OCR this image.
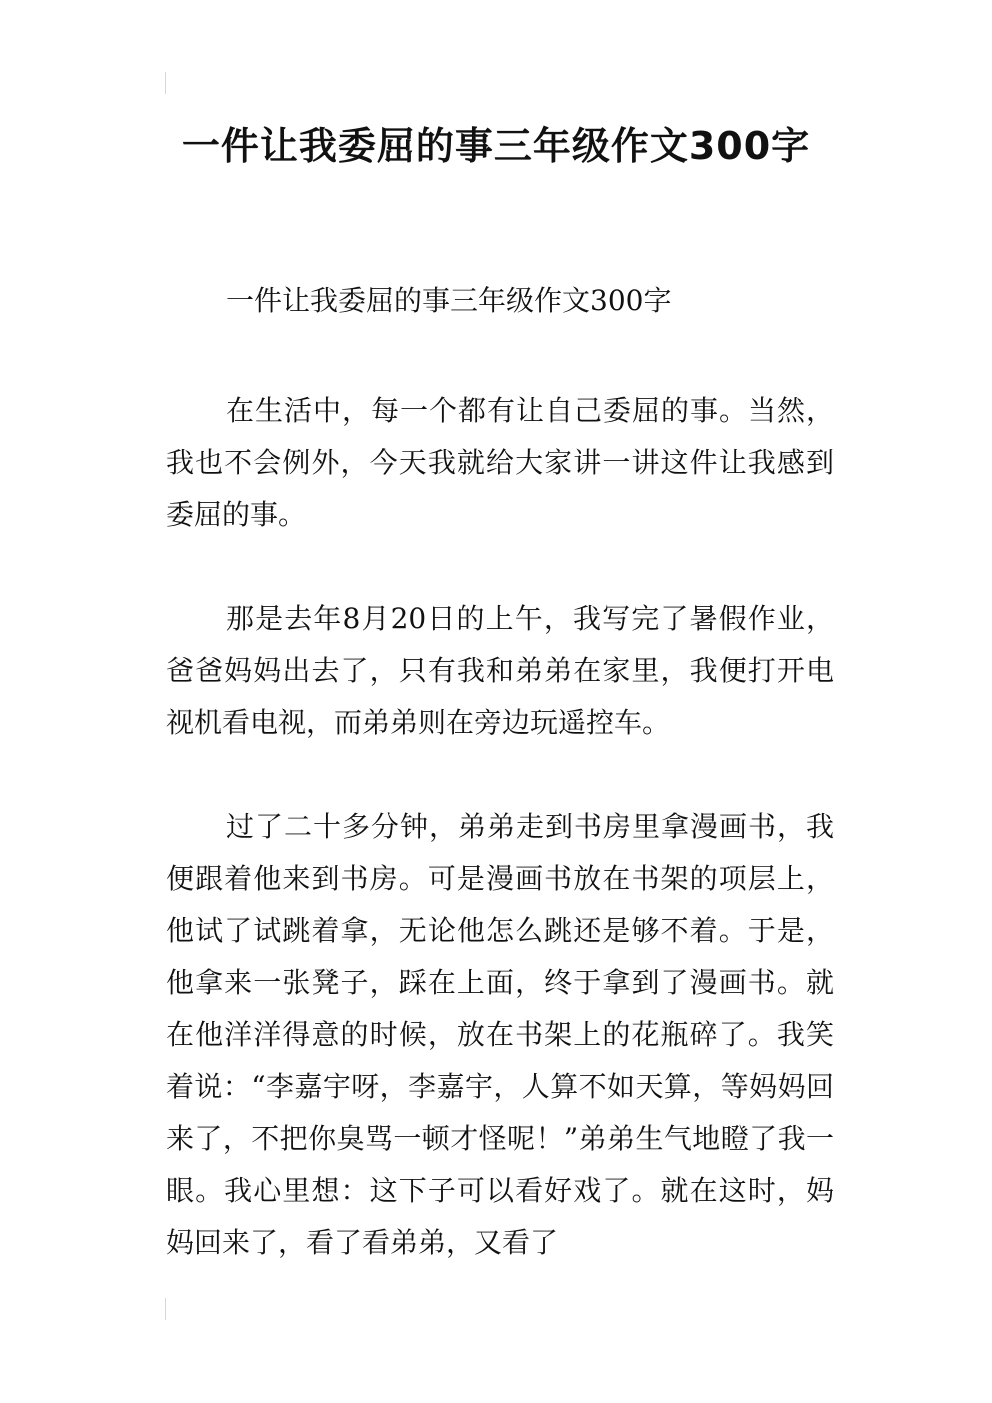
一件让我委屈的事三年级作文300字

一件让我委屈的事三年级作文300字

在生活中，每一个都有让自己委屈的事。当然，我也不会例外，今天我就给大家讲一讲这件让我感到委屈的事。

那是去年8月20日的上午，我写完了暑假作业，爸爸妈妈出去了，只有我和弟弟在家里，我便打开电视机看电视，而弟弟则在旁边玩遥控车。

过了二十多分钟，弟弟走到书房里拿漫画书，我便跟着他来到书房。可是漫画书放在书架的项层上，他试了试跳着拿，无论他怎么跳还是够不着。于是，他拿来一张凳子，踩在上面，终于拿到了漫画书。就在他洋洋得意的时候，放在书架上的花瓶碎了。我笑着说：“李嘉宇呀，李嘉宇，人算不如天算，等妈妈回来了，不把你臭骂一顿才怪呢！”弟弟生气地瞪了我一眼。我心里想：这下子可以看好戏了。就在这时，妈妈回来了，看了看弟弟，又看了
